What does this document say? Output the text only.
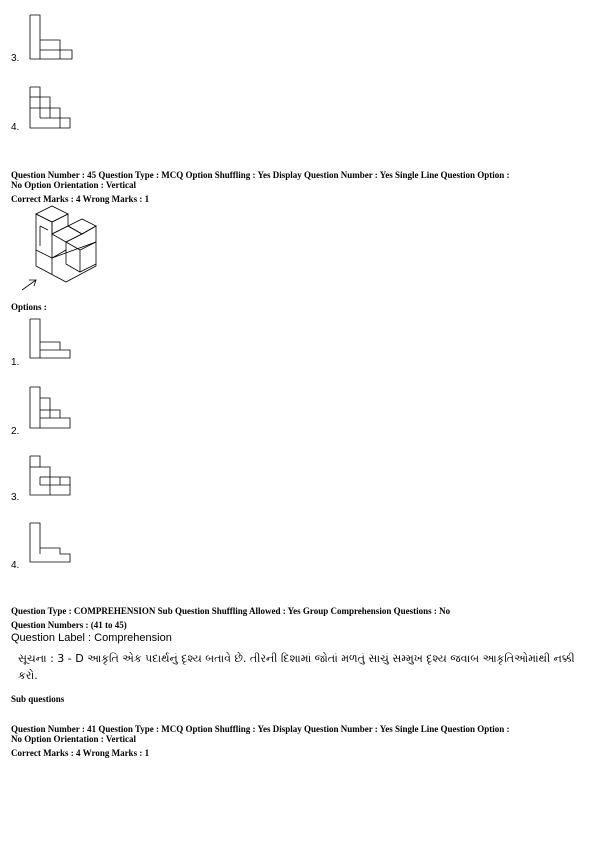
3.
4.
Question Number : 45 Question Type : MCQ Option Shuffling : Yes Display Question Number : Yes Single Line Question Option :
No Option Orientation : Vertical
Correct Marks : 4 Wrong Marks : 1
Options :
1.
2.
3.
4.
Question Type : COMPREHENSION Sub Question Shuffling Allowed : Yes Group Comprehension Questions : No
Question Numbers : (41 to 45)
Question Label : Comprehension
સૂચના : 3 - D આકૃતિ એક પદાર્થનું દૃશ્ય બતાવે છે. તીરની દિશામાં જોતાં મળતું સાચું સમ્મુખ દૃશ્ય જવાબ આકૃતિઓમાંથી નક્કી
કરો.
Sub questions
Question Number : 41 Question Type : MCQ Option Shuffling : Yes Display Question Number : Yes Single Line Question Option :
No Option Orientation : Vertical
Correct Marks : 4 Wrong Marks : 1
